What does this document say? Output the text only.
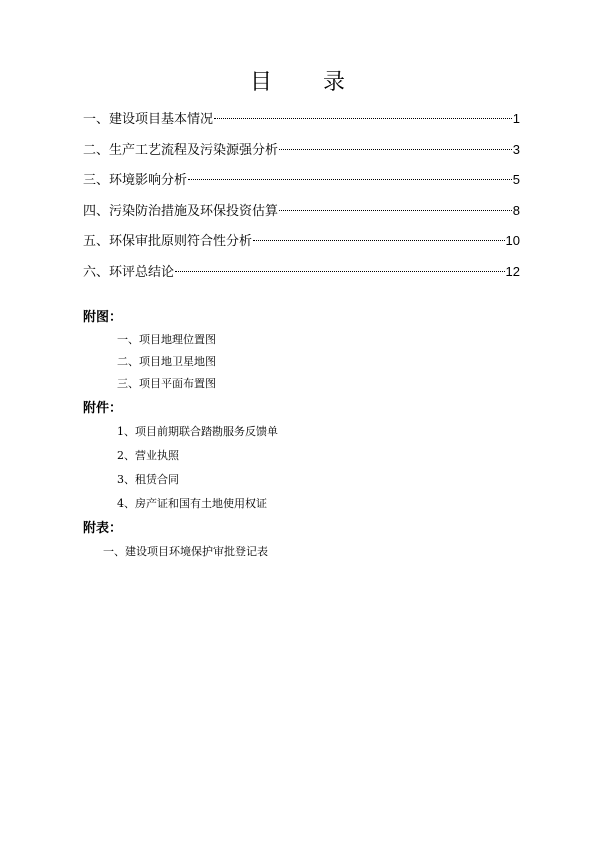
目 录
一、建设项目基本情况	1
二、生产工艺流程及污染源强分析	3
三、环境影响分析	5
四、污染防治措施及环保投资估算	8
五、环保审批原则符合性分析	10
六、环评总结论	12
附图：
一、项目地理位置图
二、项目地卫星地图
三、项目平面布置图
附件：
1、项目前期联合踏勘服务反馈单
2、营业执照
3、租赁合同
4、房产证和国有土地使用权证
附表：
一、建设项目环境保护审批登记表
